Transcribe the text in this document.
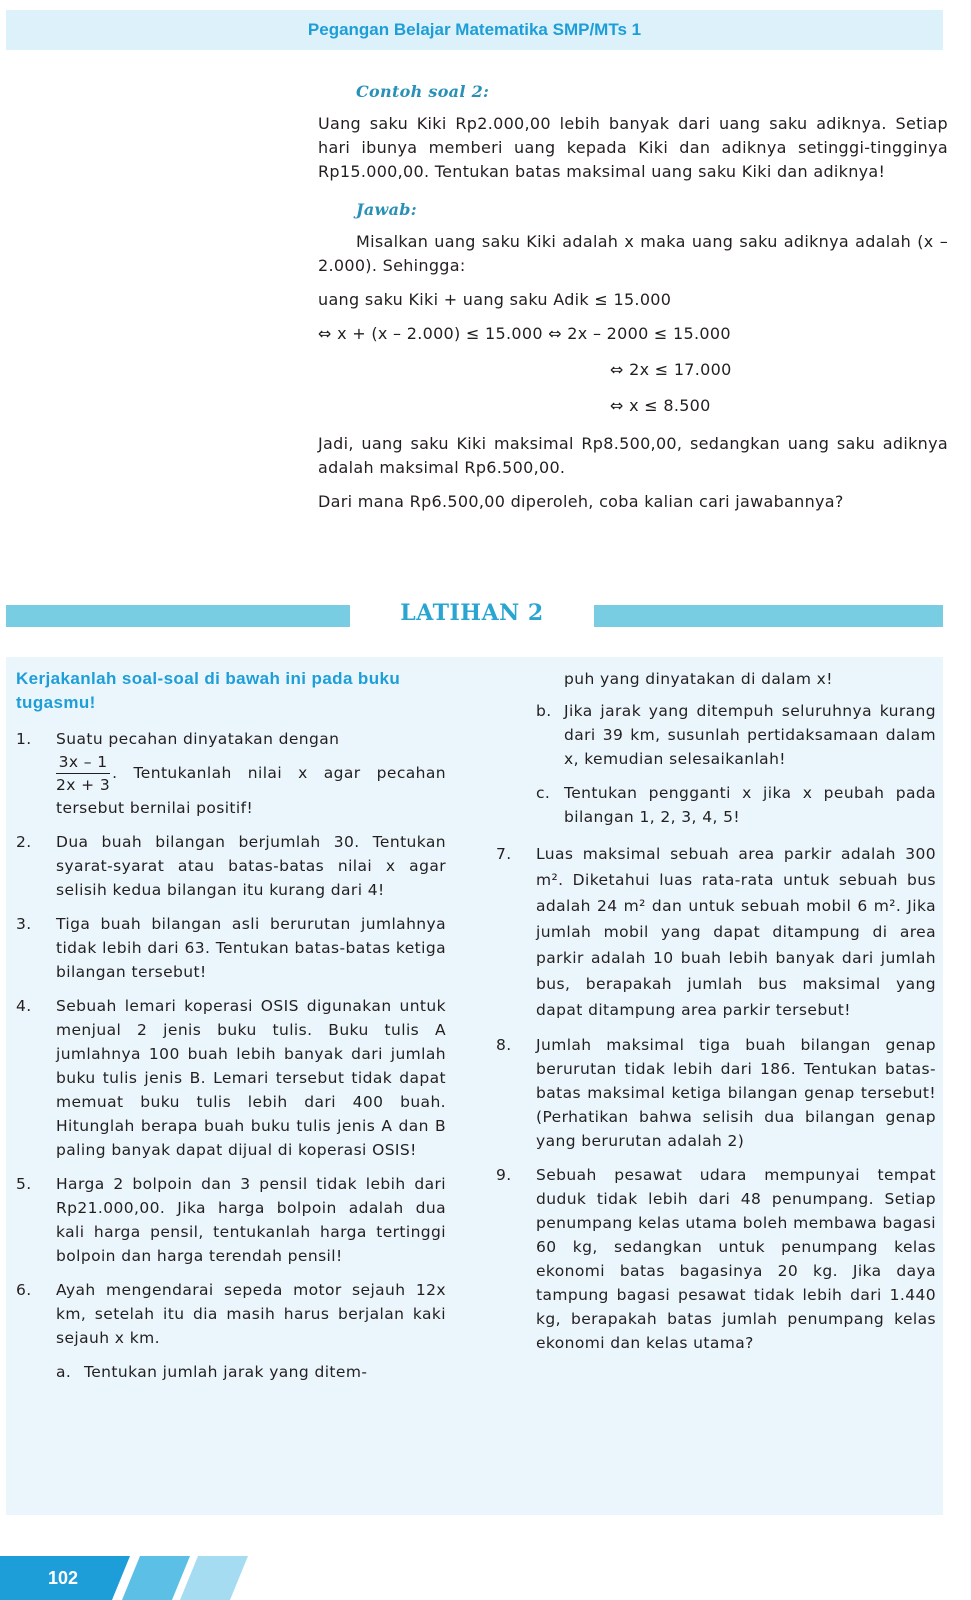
Pegangan Belajar Matematika SMP/MTs 1
Contoh soal 2:

Uang saku Kiki Rp2.000,00 lebih banyak dari uang saku adiknya. Setiap hari ibunya memberi uang kepada Kiki dan adiknya setinggi-tingginya Rp15.000,00. Tentukan batas maksimal uang saku Kiki dan adiknya!

Jawab:

Misalkan uang saku Kiki adalah x maka uang saku adiknya adalah (x – 2.000). Sehingga:

uang saku Kiki + uang saku Adik ≤ 15.000
⇔ x + (x – 2.000) ≤ 15.000 ⇔ 2x – 2000 ≤ 15.000
⇔ 2x ≤ 17.000
⇔ x ≤ 8.500

Jadi, uang saku Kiki maksimal Rp8.500,00, sedangkan uang saku adiknya adalah maksimal Rp6.500,00.

Dari mana Rp6.500,00 diperoleh, coba kalian cari jawabannya?

LATIHAN 2
Kerjakanlah soal-soal di bawah ini pada buku tugasmu!
1.	Suatu pecahan dinyatakan dengan

$\frac{3x - 1}{2x + 3}$ . Tentukanlah nilai x agar pecahan tersebut bernilai positif!
2.	Dua buah bilangan berjumlah 30. Tentukan syarat-syarat atau batas-batas nilai x agar selisih kedua bilangan itu kurang dari 4!
3.	Tiga buah bilangan asli berurutan jumlahnya tidak lebih dari 63. Tentukan batas-batas ketiga bilangan tersebut!
4.	Sebuah lemari koperasi OSIS digunakan untuk menjual 2 jenis buku tulis. Buku tulis A jumlahnya 100 buah lebih banyak dari jumlah buku tulis jenis B. Lemari tersebut tidak dapat memuat buku tulis lebih dari 400 buah. Hitunglah berapa buah buku tulis jenis A dan B paling banyak dapat dijual di koperasi OSIS!
5.	Harga 2 bolpoin dan 3 pensil tidak lebih dari Rp21.000,00. Jika harga bolpoin adalah dua kali harga pensil, tentukanlah harga tertinggi bolpoin dan harga terendah pensil!
6.	Ayah mengendarai sepeda motor sejauh 12x km, setelah itu dia masih harus berjalan kaki sejauh x km.
a. Tentukan jumlah jarak yang ditem-
puh yang dinyatakan di dalam x!
b. Jika jarak yang ditempuh seluruhnya kurang dari 39 km, susunlah pertidaksamaan dalam x, kemudian selesaikanlah!
c. Tentukan pengganti x jika x peubah pada bilangan 1, 2, 3, 4, 5!
7.	Luas maksimal sebuah area parkir adalah 300 m². Diketahui luas rata-rata untuk sebuah bus adalah 24 m² dan untuk sebuah mobil 6 m². Jika jumlah mobil yang dapat ditampung di area parkir adalah 10 buah lebih banyak dari jumlah bus, berapakah jumlah bus maksimal yang dapat ditampung area parkir tersebut!
8.	Jumlah maksimal tiga buah bilangan genap berurutan tidak lebih dari 186. Tentukan batas-batas maksimal ketiga bilangan genap tersebut! (Perhatikan bahwa selisih dua bilangan genap yang berurutan adalah 2)
9.	Sebuah pesawat udara mempunyai tempat duduk tidak lebih dari 48 penumpang. Setiap penumpang kelas utama boleh membawa bagasi 60 kg, sedangkan untuk penumpang kelas ekonomi batas bagasinya 20 kg. Jika daya tampung bagasi pesawat tidak lebih dari 1.440 kg, berapakah batas jumlah penumpang kelas ekonomi dan kelas utama?
102
